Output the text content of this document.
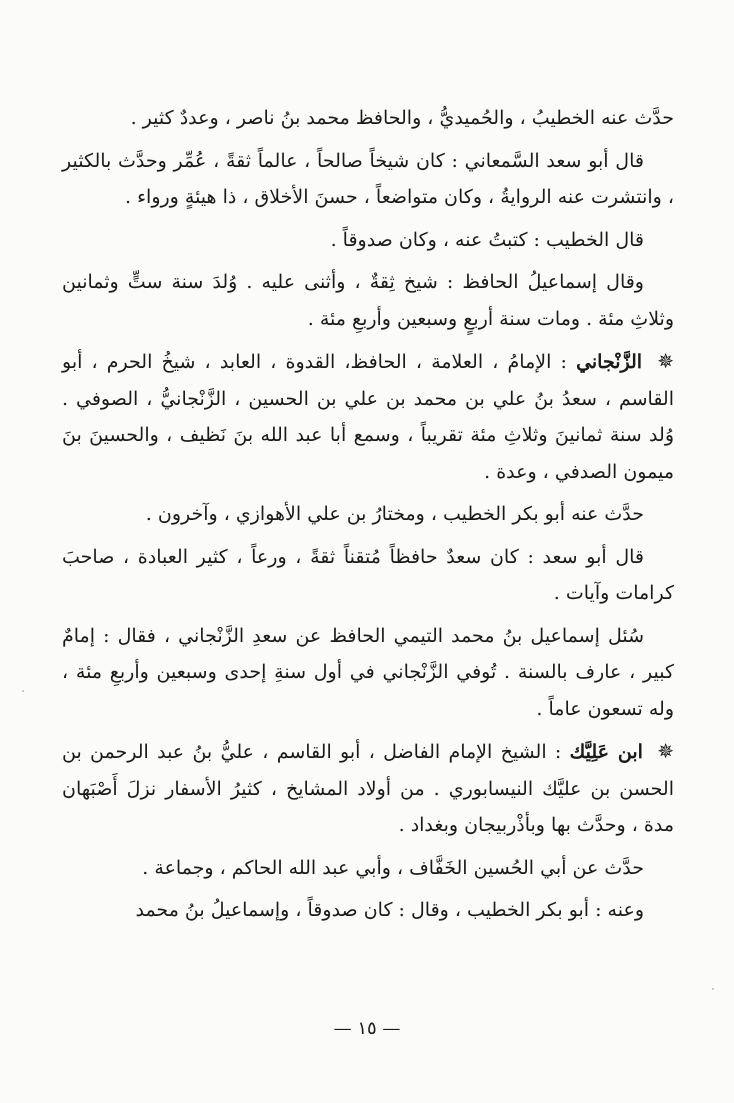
حدَّث عنه الخطيبُ ، والحُميديُّ ، والحافظ محمد بنُ ناصر ، وعددٌ كثير .

قال أبو سعد السَّمعاني : كان شيخاً صالحاً ، عالماً ثقةً ، عُمِّر وحدَّث بالكثير ، وانتشرت عنه الروايةُ ، وكان متواضعاً ، حسنَ الأخلاق ، ذا هيئةٍ ورواء .

قال الخطيب : كتبتُ عنه ، وكان صدوقاً .

وقال إسماعيلُ الحافظ : شيخ ثِقةٌ ، وأثنى عليه . وُلدَ سنة ستٍّ وثمانين وثلاثِ مئة . ومات سنة أربعٍ وسبعين وأربعِ مئة .

✵ الزَّنْجاني : الإمامُ ، العلامة ، الحافظ، القدوة ، العابد ، شيخُ الحرم ، أبو القاسم ، سعدُ بنُ علي بن محمد بن علي بن الحسين ، الزَّنْجانيُّ ، الصوفي . وُلد سنة ثمانينَ وثلاثِ مئة تقريباً ، وسمع أبا عبد الله بنَ نَظيف ، والحسينَ بنَ ميمون الصدفي ، وعدة .

حدَّث عنه أبو بكر الخطيب ، ومختارُ بن علي الأهوازي ، وآخرون .

قال أبو سعد : كان سعدٌ حافظاً مُتقناً ثقةً ، ورعاً ، كثير العبادة ، صاحبَ كرامات وآيات .

سُئل إسماعيل بنُ محمد التيمي الحافظ عن سعدِ الزَّنْجاني ، فقال : إمامٌ كبير ، عارف بالسنة . تُوفي الزَّنْجاني في أول سنةِ إحدى وسبعين وأربعِ مئة ، وله تسعون عاماً .

✵ ابن عَلِيَّك : الشيخ الإمام الفاضل ، أبو القاسم ، عليُّ بنُ عبد الرحمن بن الحسن بن عليَّك النيسابوري . من أولاد المشايخ ، كثيرُ الأسفار نزلَ أَصْبَهان مدة ، وحدَّث بها وبأذْربيجان وبغداد .

حدَّث عن أبي الحُسين الخَفَّاف ، وأبي عبد الله الحاكم ، وجماعة .

وعنه : أبو بكر الخطيب ، وقال : كان صدوقاً ، وإسماعيلُ بنُ محمد

— ١٥ —
